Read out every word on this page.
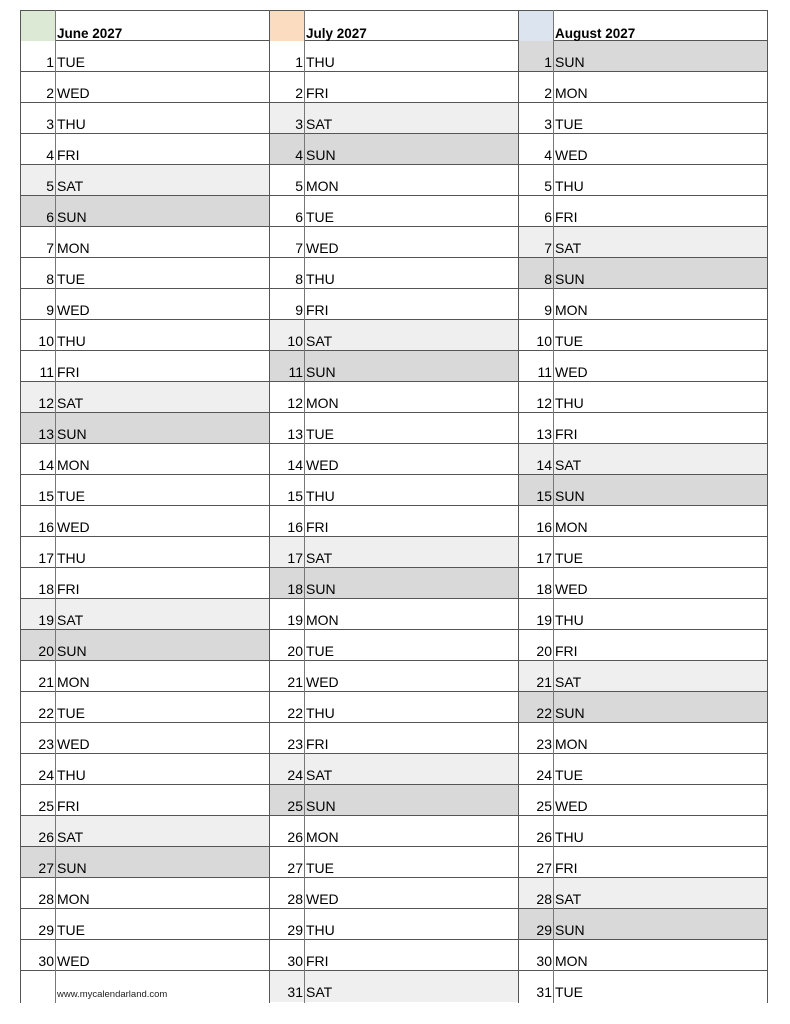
June 2027
1 TUE
2 WED
3 THU
4 FRI
5 SAT
6 SUN
7 MON
8 TUE
9 WED
10 THU
11 FRI
12 SAT
13 SUN
14 MON
15 TUE
16 WED
17 THU
18 FRI
19 SAT
20 SUN
21 MON
22 TUE
23 WED
24 THU
25 FRI
26 SAT
27 SUN
28 MON
29 TUE
30 WED
July 2027
1 THU
2 FRI
3 SAT
4 SUN
5 MON
6 TUE
7 WED
8 THU
9 FRI
10 SAT
11 SUN
12 MON
13 TUE
14 WED
15 THU
16 FRI
17 SAT
18 SUN
19 MON
20 TUE
21 WED
22 THU
23 FRI
24 SAT
25 SUN
26 MON
27 TUE
28 WED
29 THU
30 FRI
31 SAT
August 2027
1 SUN
2 MON
3 TUE
4 WED
5 THU
6 FRI
7 SAT
8 SUN
9 MON
10 TUE
11 WED
12 THU
13 FRI
14 SAT
15 SUN
16 MON
17 TUE
18 WED
19 THU
20 FRI
21 SAT
22 SUN
23 MON
24 TUE
25 WED
26 THU
27 FRI
28 SAT
29 SUN
30 MON
31 TUE
www.mycalendarland.com
